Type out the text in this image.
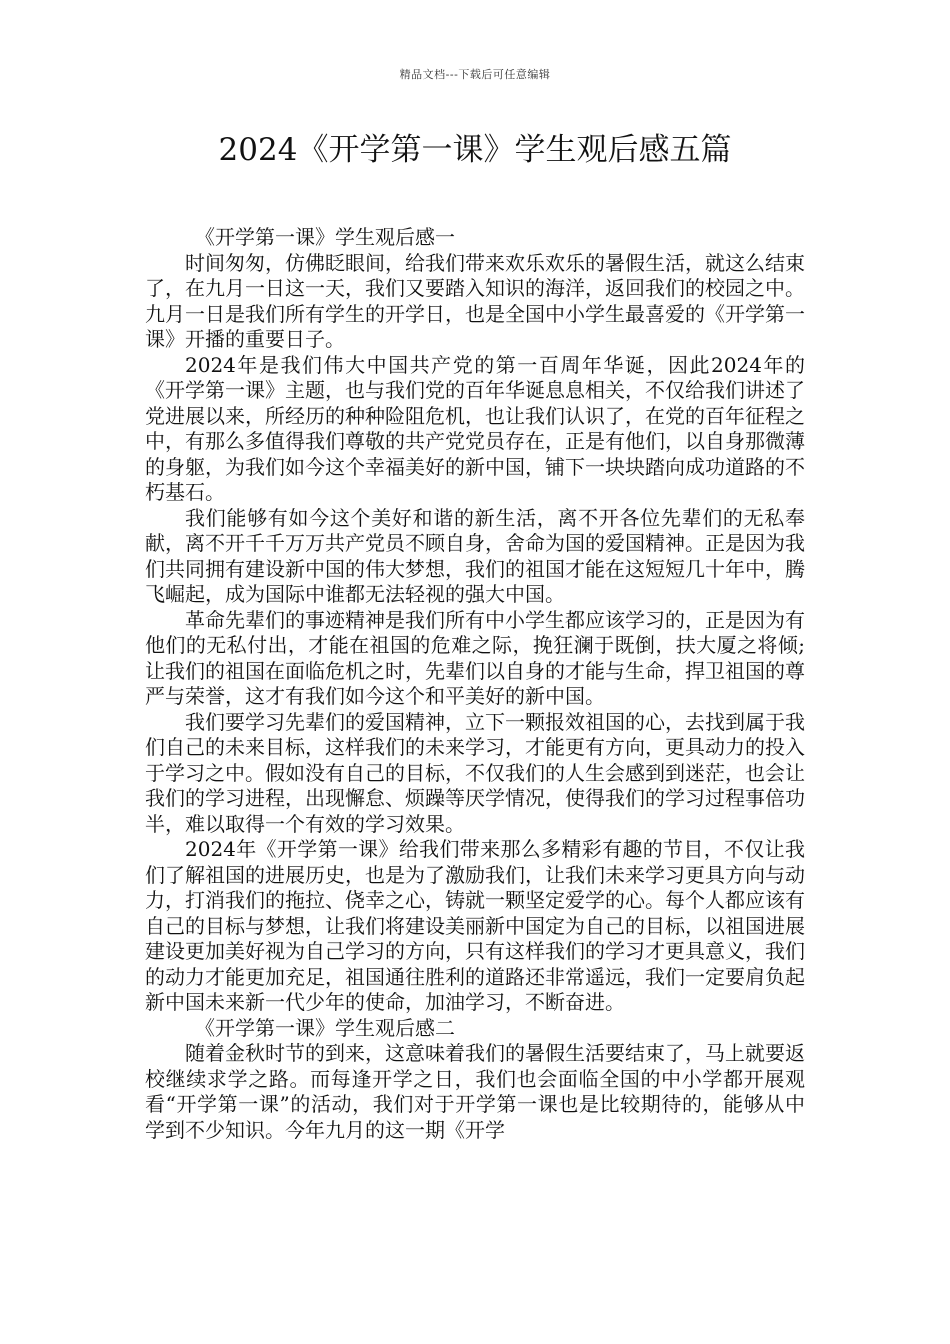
精品文档---下载后可任意编辑
2024《开学第一课》学生观后感五篇

《开学第一课》学生观后感一

时间匆匆，仿佛眨眼间，给我们带来欢乐欢乐的暑假生活，就这么结束了，在九月一日这一天，我们又要踏入知识的海洋，返回我们的校园之中。九月一日是我们所有学生的开学日，也是全国中小学生最喜爱的《开学第一课》开播的重要日子。

2024年是我们伟大中国共产党的第一百周年华诞，因此2024年的《开学第一课》主题，也与我们党的百年华诞息息相关，不仅给我们讲述了党进展以来，所经历的种种险阻危机，也让我们认识了，在党的百年征程之中，有那么多值得我们尊敬的共产党党员存在，正是有他们，以自身那微薄的身躯，为我们如今这个幸福美好的新中国，铺下一块块踏向成功道路的不朽基石。

我们能够有如今这个美好和谐的新生活，离不开各位先辈们的无私奉献，离不开千千万万共产党员不顾自身，舍命为国的爱国精神。正是因为我们共同拥有建设新中国的伟大梦想，我们的祖国才能在这短短几十年中，腾飞崛起，成为国际中谁都无法轻视的强大中国。

革命先辈们的事迹精神是我们所有中小学生都应该学习的，正是因为有他们的无私付出，才能在祖国的危难之际，挽狂澜于既倒，扶大厦之将倾;让我们的祖国在面临危机之时，先辈们以自身的才能与生命，捍卫祖国的尊严与荣誉，这才有我们如今这个和平美好的新中国。

我们要学习先辈们的爱国精神，立下一颗报效祖国的心，去找到属于我们自己的未来目标，这样我们的未来学习，才能更有方向，更具动力的投入于学习之中。假如没有自己的目标，不仅我们的人生会感到到迷茫，也会让我们的学习进程，出现懈怠、烦躁等厌学情况，使得我们的学习过程事倍功半，难以取得一个有效的学习效果。

2024年《开学第一课》给我们带来那么多精彩有趣的节目，不仅让我们了解祖国的进展历史，也是为了激励我们，让我们未来学习更具方向与动力，打消我们的拖拉、侥幸之心，铸就一颗坚定爱学的心。每个人都应该有自己的目标与梦想，让我们将建设美丽新中国定为自己的目标，以祖国进展建设更加美好视为自己学习的方向，只有这样我们的学习才更具意义，我们的动力才能更加充足，祖国通往胜利的道路还非常遥远，我们一定要肩负起新中国未来新一代少年的使命，加油学习，不断奋进。

《开学第一课》学生观后感二

随着金秋时节的到来，这意味着我们的暑假生活要结束了，马上就要返校继续求学之路。而每逢开学之日，我们也会面临全国的中小学都开展观看“开学第一课”的活动，我们对于开学第一课也是比较期待的，能够从中学到不少知识。今年九月的这一期《开学
